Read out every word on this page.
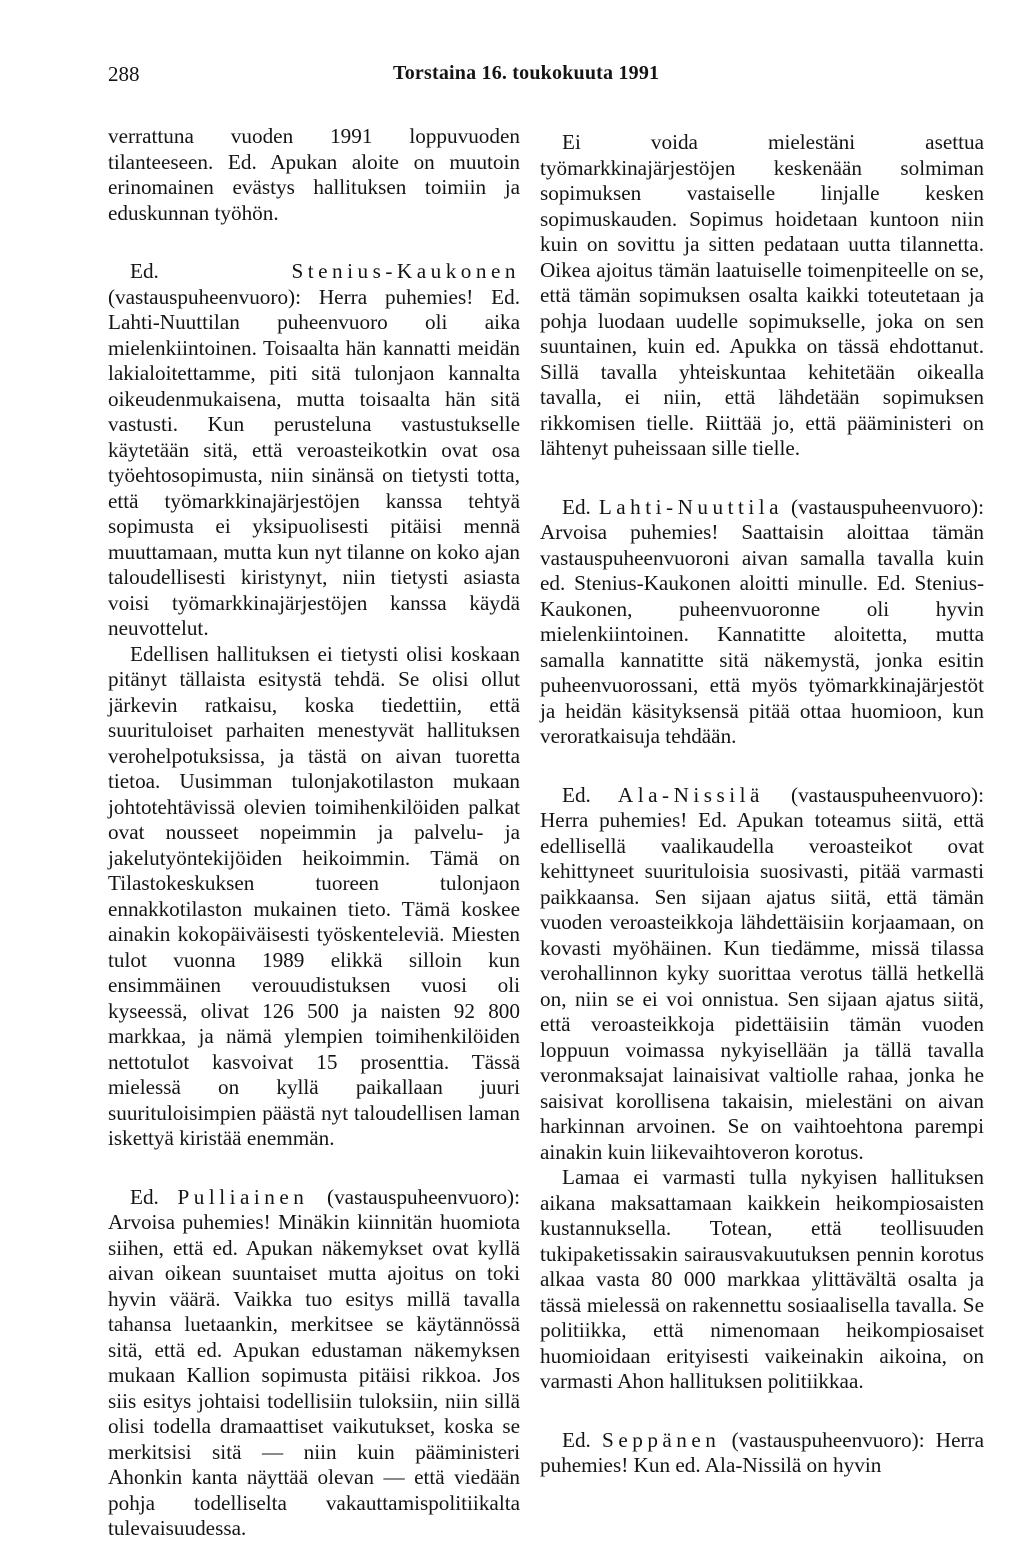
288	Torstaina 16. toukokuuta 1991

verrattuna vuoden 1991 loppuvuoden tilanteeseen. Ed. Apukan aloite on muutoin erinomainen evästys hallituksen toimiin ja eduskunnan työhön.

Ed. Stenius-Kaukonen (vastauspuheenvuoro): Herra puhemies! Ed. Lahti-Nuuttilan puheenvuoro oli aika mielenkiintoinen. Toisaalta hän kannatti meidän lakialoitettamme, piti sitä tulonjaon kannalta oikeudenmukaisena, mutta toisaalta hän sitä vastusti. Kun perusteluna vastustukselle käytetään sitä, että veroasteikotkin ovat osa työehtosopimusta, niin sinänsä on tietysti totta, että työmarkkinajärjestöjen kanssa tehtyä sopimusta ei yksipuolisesti pitäisi mennä muuttamaan, mutta kun nyt tilanne on koko ajan taloudellisesti kiristynyt, niin tietysti asiasta voisi työmarkkinajärjestöjen kanssa käydä neuvottelut.

Edellisen hallituksen ei tietysti olisi koskaan pitänyt tällaista esitystä tehdä. Se olisi ollut järkevin ratkaisu, koska tiedettiin, että suurituloiset parhaiten menestyvät hallituksen verohelpotuksissa, ja tästä on aivan tuoretta tietoa. Uusimman tulonjakotilaston mukaan johtotehtävissä olevien toimihenkilöiden palkat ovat nousseet nopeimmin ja palvelu- ja jakelutyöntekijöiden heikoimmin. Tämä on Tilastokeskuksen tuoreen tulonjaon ennakkotilaston mukainen tieto. Tämä koskee ainakin kokopäiväisesti työskenteleviä. Miesten tulot vuonna 1989 elikkä silloin kun ensimmäinen verouudistuksen vuosi oli kyseessä, olivat 126 500 ja naisten 92 800 markkaa, ja nämä ylempien toimihenkilöiden nettotulot kasvoivat 15 prosenttia. Tässä mielessä on kyllä paikallaan juuri suurituloisimpien päästä nyt taloudellisen laman iskettyä kiristää enemmän.

Ed. Pulliainen (vastauspuheenvuoro): Arvoisa puhemies! Minäkin kiinnitän huomiota siihen, että ed. Apukan näkemykset ovat kyllä aivan oikean suuntaiset mutta ajoitus on toki hyvin väärä. Vaikka tuo esitys millä tavalla tahansa luetaankin, merkitsee se käytännössä sitä, että ed. Apukan edustaman näkemyksen mukaan Kallion sopimusta pitäisi rikkoa. Jos siis esitys johtaisi todellisiin tuloksiin, niin sillä olisi todella dramaattiset vaikutukset, koska se merkitsisi sitä — niin kuin pääministeri Ahonkin kanta näyttää olevan — että viedään pohja todelliselta vakauttamispolitiikalta tulevaisuudessa.

Ei voida mielestäni asettua työmarkkinajärjestöjen keskenään solmiman sopimuksen vastaiselle linjalle kesken sopimuskauden. Sopimus hoidetaan kuntoon niin kuin on sovittu ja sitten pedataan uutta tilannetta. Oikea ajoitus tämän laatuiselle toimenpiteelle on se, että tämän sopimuksen osalta kaikki toteutetaan ja pohja luodaan uudelle sopimukselle, joka on sen suuntainen, kuin ed. Apukka on tässä ehdottanut. Sillä tavalla yhteiskuntaa kehitetään oikealla tavalla, ei niin, että lähdetään sopimuksen rikkomisen tielle. Riittää jo, että pääministeri on lähtenyt puheissaan sille tielle.

Ed. Lahti-Nuuttila (vastauspuheenvuoro): Arvoisa puhemies! Saattaisin aloittaa tämän vastauspuheenvuoroni aivan samalla tavalla kuin ed. Stenius-Kaukonen aloitti minulle. Ed. Stenius-Kaukonen, puheenvuoronne oli hyvin mielenkiintoinen. Kannatitte aloitetta, mutta samalla kannatitte sitä näkemystä, jonka esitin puheenvuorossani, että myös työmarkkinajärjestöt ja heidän käsityksensä pitää ottaa huomioon, kun veroratkaisuja tehdään.

Ed. Ala-Nissilä (vastauspuheenvuoro): Herra puhemies! Ed. Apukan toteamus siitä, että edellisellä vaalikaudella veroasteikot ovat kehittyneet suurituloisia suosivasti, pitää varmasti paikkaansa. Sen sijaan ajatus siitä, että tämän vuoden veroasteikkoja lähdettäisiin korjaamaan, on kovasti myöhäinen. Kun tiedämme, missä tilassa verohallinnon kyky suorittaa verotus tällä hetkellä on, niin se ei voi onnistua. Sen sijaan ajatus siitä, että veroasteikkoja pidettäisiin tämän vuoden loppuun voimassa nykyisellään ja tällä tavalla veronmaksajat lainaisivat valtiolle rahaa, jonka he saisivat korollisena takaisin, mielestäni on aivan harkinnan arvoinen. Se on vaihtoehtona parempi ainakin kuin liikevaihtoveron korotus.

Lamaa ei varmasti tulla nykyisen hallituksen aikana maksattamaan kaikkein heikompiosaisten kustannuksella. Totean, että teollisuuden tukipaketissakin sairausvakuutuksen pennin korotus alkaa vasta 80 000 markkaa ylittävältä osalta ja tässä mielessä on rakennettu sosiaalisella tavalla. Se politiikka, että nimenomaan heikompiosaiset huomioidaan erityisesti vaikeinakin aikoina, on varmasti Ahon hallituksen politiikkaa.

Ed. Seppänen (vastauspuheenvuoro): Herra puhemies! Kun ed. Ala-Nissilä on hyvin
